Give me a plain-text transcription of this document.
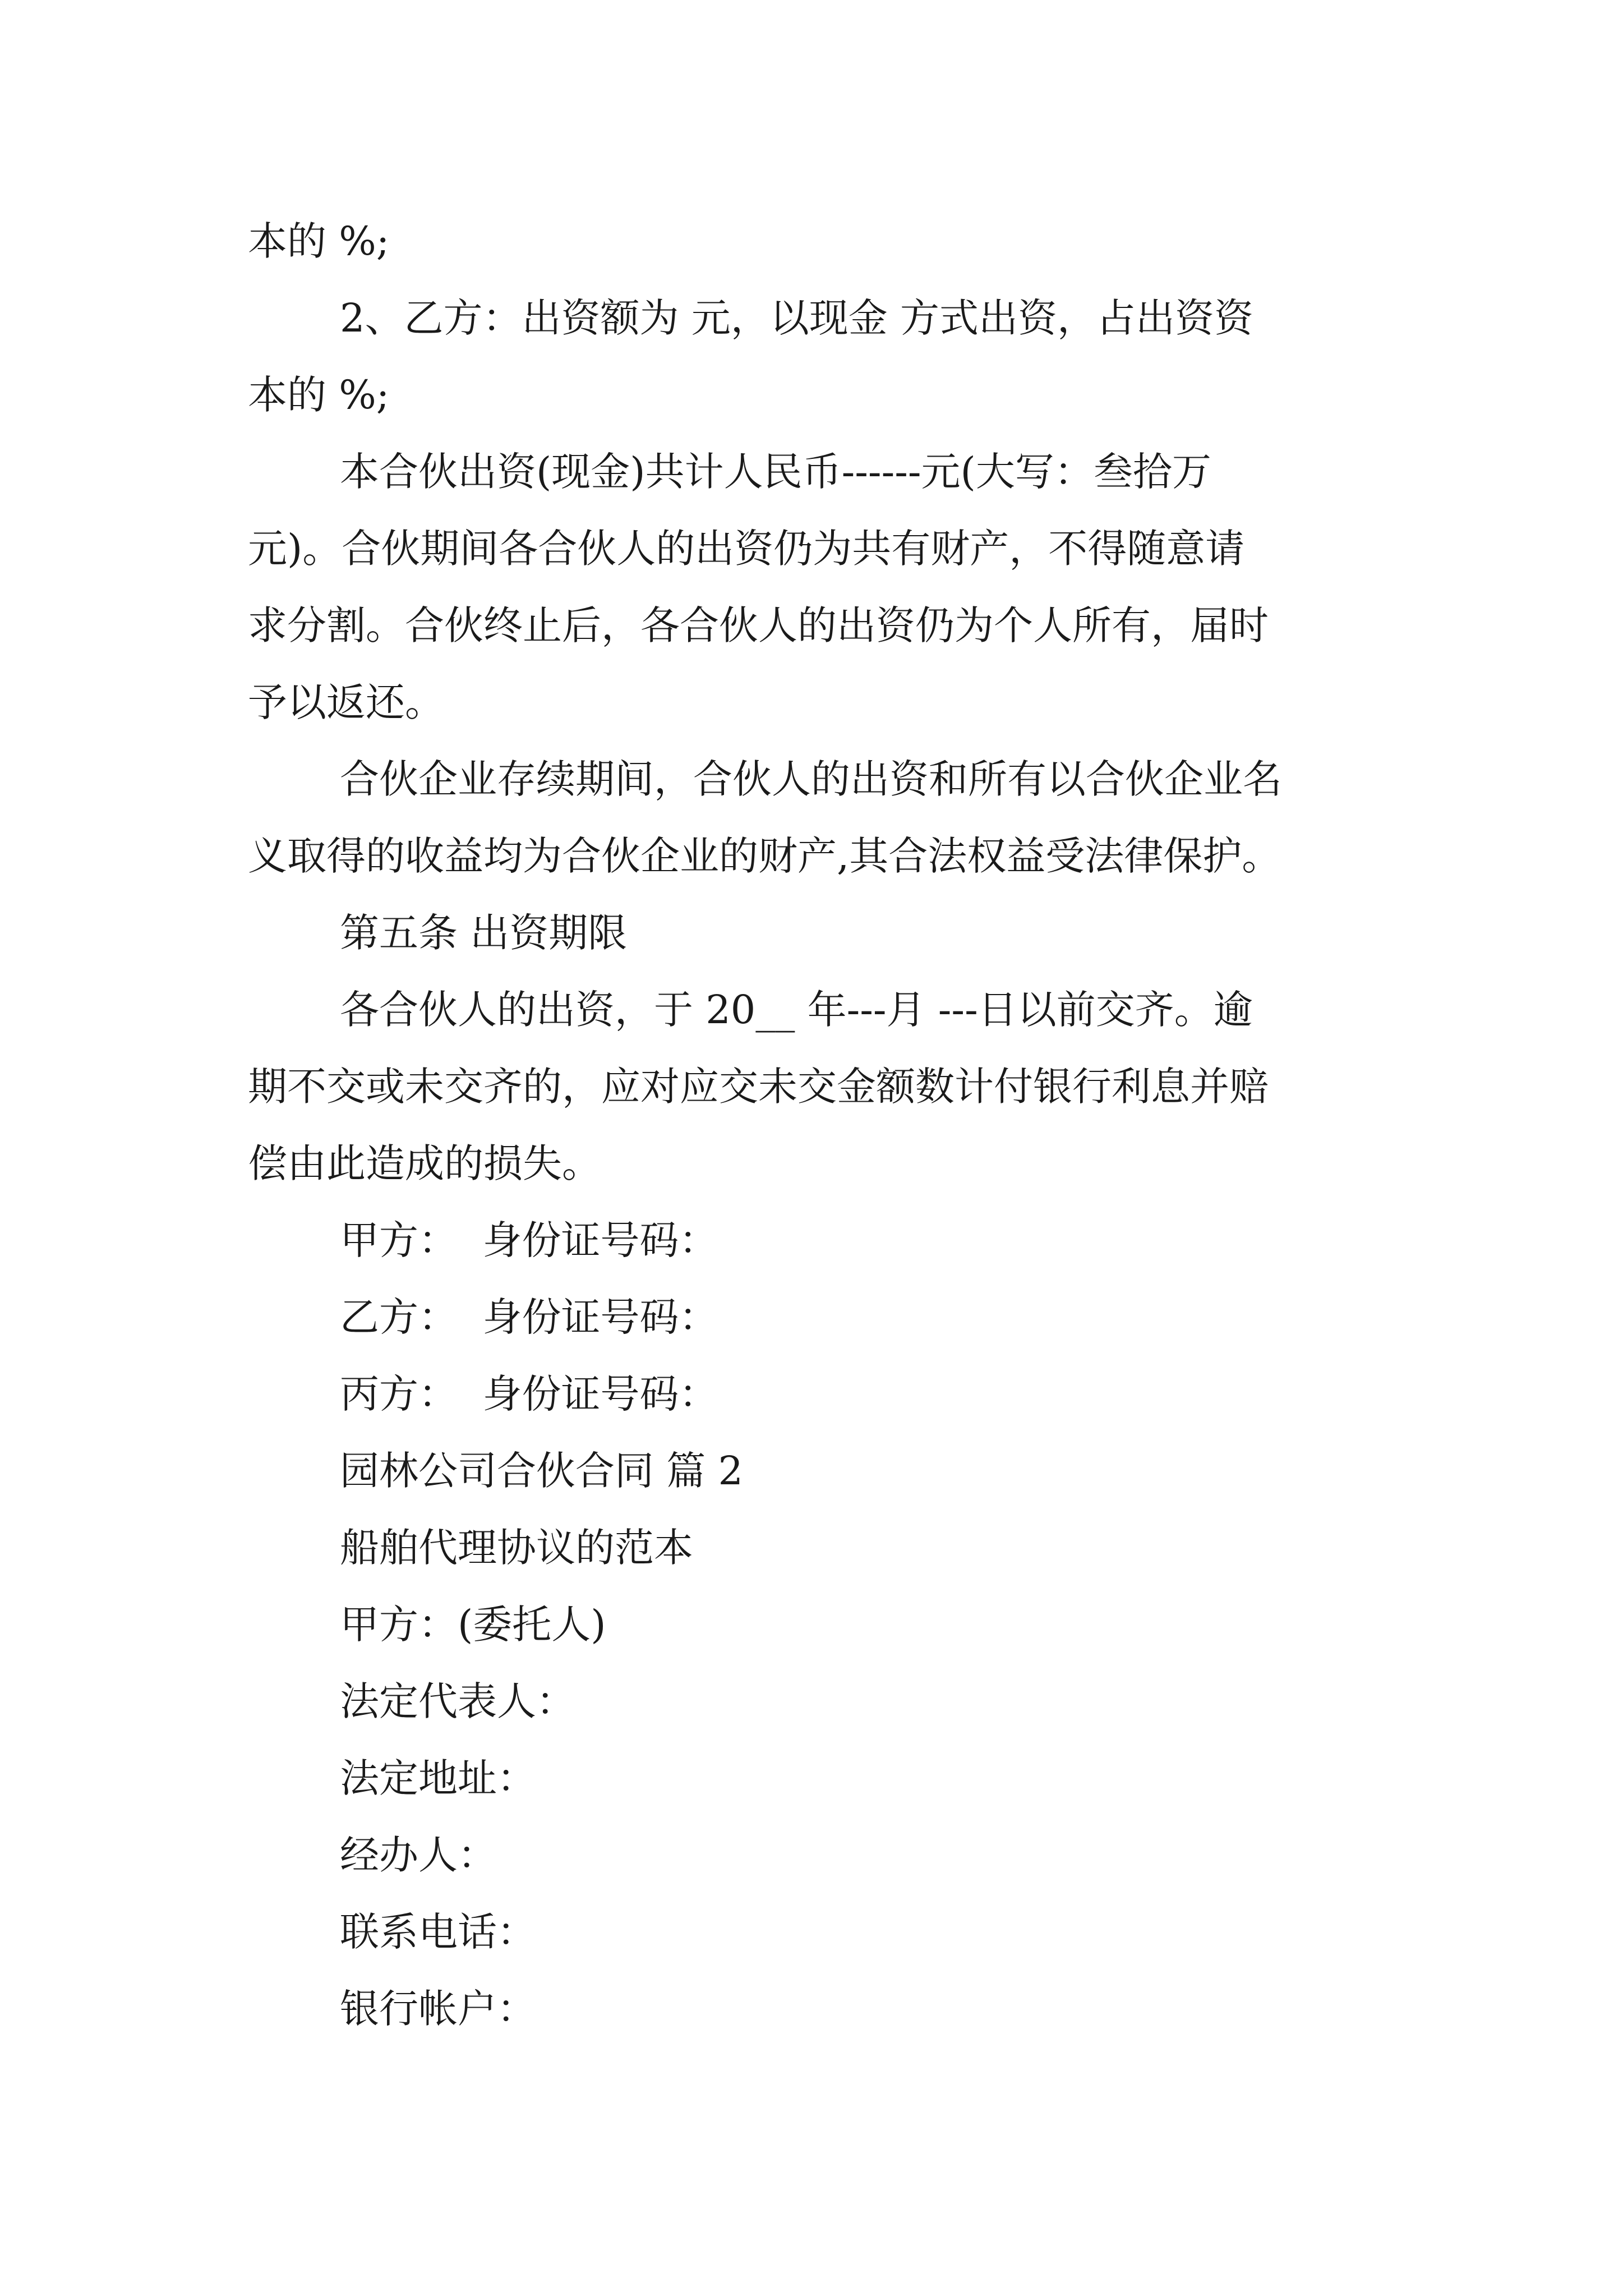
本的 %;
2、乙方：出资额为 元，以现金 方式出资，占出资资
本的 %;
本合伙出资(现金)共计人民币------元(大写：叁拾万
元)。合伙期间各合伙人的出资仍为共有财产，不得随意请
求分割。合伙终止后，各合伙人的出资仍为个人所有，届时
予以返还。
合伙企业存续期间，合伙人的出资和所有以合伙企业名
义取得的收益均为合伙企业的财产,其合法权益受法律保护。
第五条 出资期限
各合伙人的出资，于 20__ 年---月 ---日以前交齐。逾
期不交或未交齐的，应对应交未交金额数计付银行利息并赔
偿由此造成的损失。
甲方：  身份证号码：
乙方：  身份证号码：
丙方：  身份证号码：
园林公司合伙合同 篇 2
船舶代理协议的范本
甲方：(委托人)
法定代表人：
法定地址：
经办人：
联系电话：
银行帐户：
